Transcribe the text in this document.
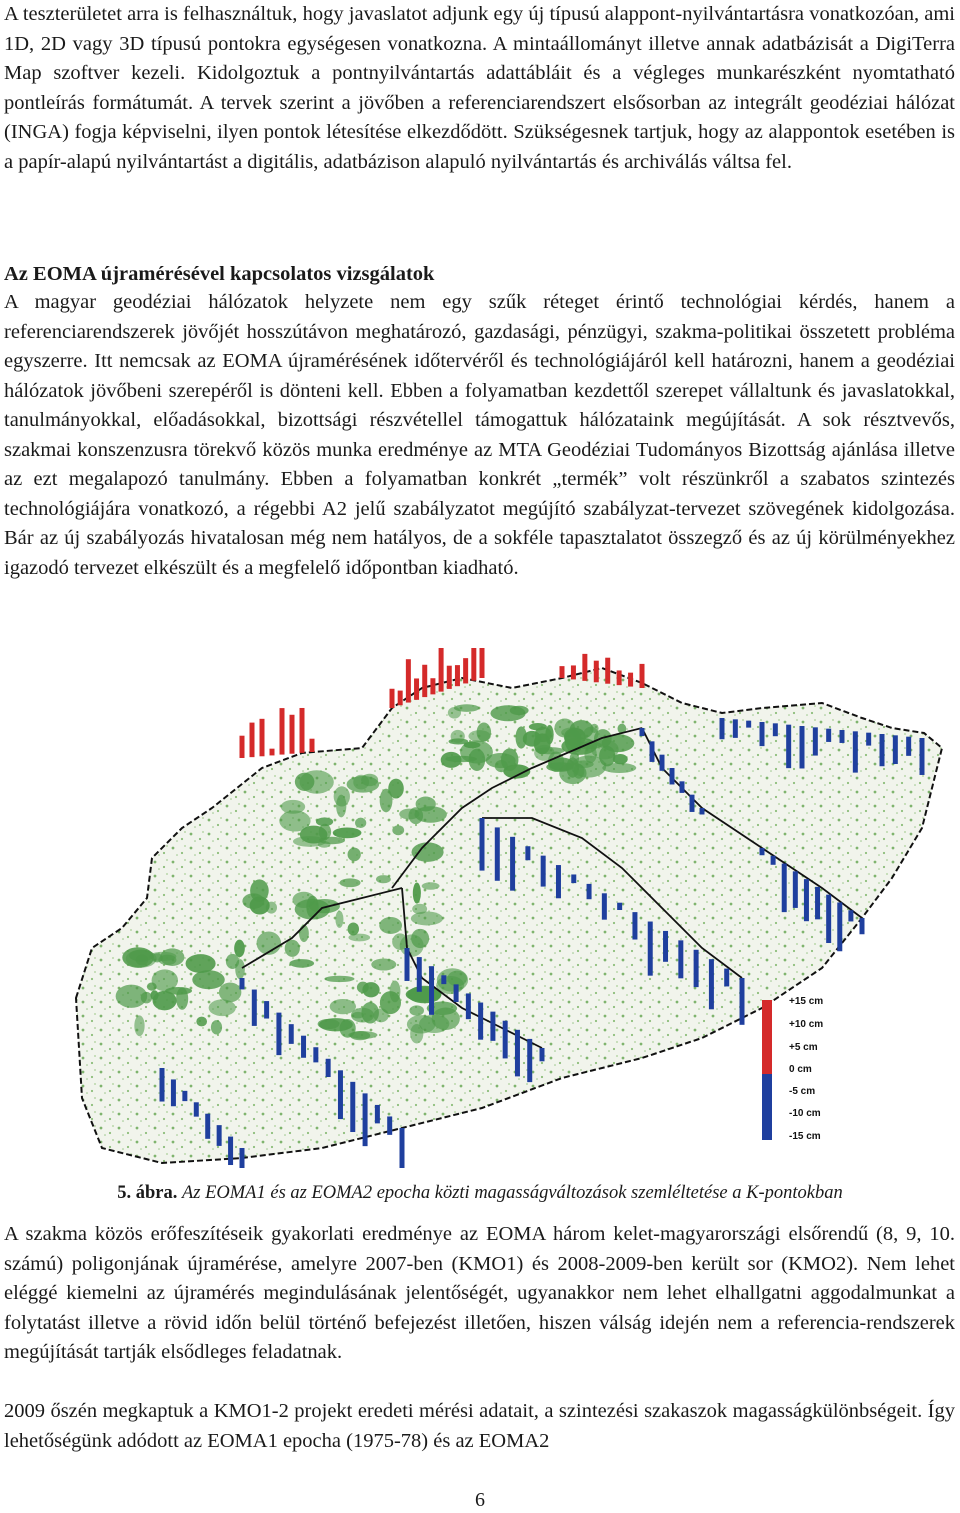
A teszterületet arra is felhasználtuk, hogy javaslatot adjunk egy új típusú alappont-nyilvántartásra vonatkozóan, ami 1D, 2D vagy 3D típusú pontokra egységesen vonatkozna. A mintaállományt illetve annak adatbázisát a DigiTerra Map szoftver kezeli. Kidolgoztuk a pontnyilvántartás adattábláit és a végleges munkarészként nyomtatható pontleírás formátumát. A tervek szerint a jövőben a referenciarendszert elsősorban az integrált geodéziai hálózat (INGA) fogja képviselni, ilyen pontok létesítése elkezdődött. Szükségesnek tartjuk, hogy az alappontok esetében is a papír-alapú nyilvántartást a digitális, adatbázison alapuló nyilvántartás és archiválás váltsa fel.

Az EOMA újramérésével kapcsolatos vizsgálatok

A magyar geodéziai hálózatok helyzete nem egy szűk réteget érintő technológiai kérdés, hanem a referenciarendszerek jövőjét hosszútávon meghatározó, gazdasági, pénzügyi, szakma-politikai összetett probléma egyszerre. Itt nemcsak az EOMA újramérésének időtervéről és technológiájáról kell határozni, hanem a geodéziai hálózatok jövőbeni szerepéről is dönteni kell. Ebben a folyamatban kezdettől szerepet vállaltunk és javaslatokkal, tanulmányokkal, előadásokkal, bizottsági részvétellel támogattuk hálózataink megújítását. A sok résztvevős, szakmai konszenzusra törekvő közös munka eredménye az MTA Geodéziai Tudományos Bizottság ajánlása illetve az ezt megalapozó tanulmány. Ebben a folyamatban konkrét „termék” volt részünkről a szabatos szintezés technológiájára vonatkozó, a régebbi A2 jelű szabályzatot megújító szabályzat-tervezet szövegének kidolgozása. Bár az új szabályozás hivatalosan még nem hatályos, de a sokféle tapasztalatot összegző és az új körülményekhez igazodó tervezet elkészült és a megfelelő időpontban kiadható.

+15 cm
+10 cm
+5 cm
0 cm
-5 cm
-10 cm
-15 cm
5. ábra. Az EOMA1 és az EOMA2 epocha közti magasságváltozások szemléltetése a K-pontokban

A szakma közös erőfeszítéseik gyakorlati eredménye az EOMA három kelet-magyarországi elsőrendű (8, 9, 10. számú) poligonjának újramérése, amelyre 2007-ben (KMO1) és 2008-2009-ben került sor (KMO2). Nem lehet eléggé kiemelni az újramérés megindulásának jelentőségét, ugyanakkor nem lehet elhallgatni aggodalmunkat a folytatást illetve a rövid időn belül történő befejezést illetően, hiszen válság idején nem a referencia-rendszerek megújítását tartják elsődleges feladatnak.

2009 őszén megkaptuk a KMO1-2 projekt eredeti mérési adatait, a szintezési szakaszok magasságkülönbségeit. Így lehetőségünk adódott az EOMA1 epocha (1975-78) és az EOMA2

6
